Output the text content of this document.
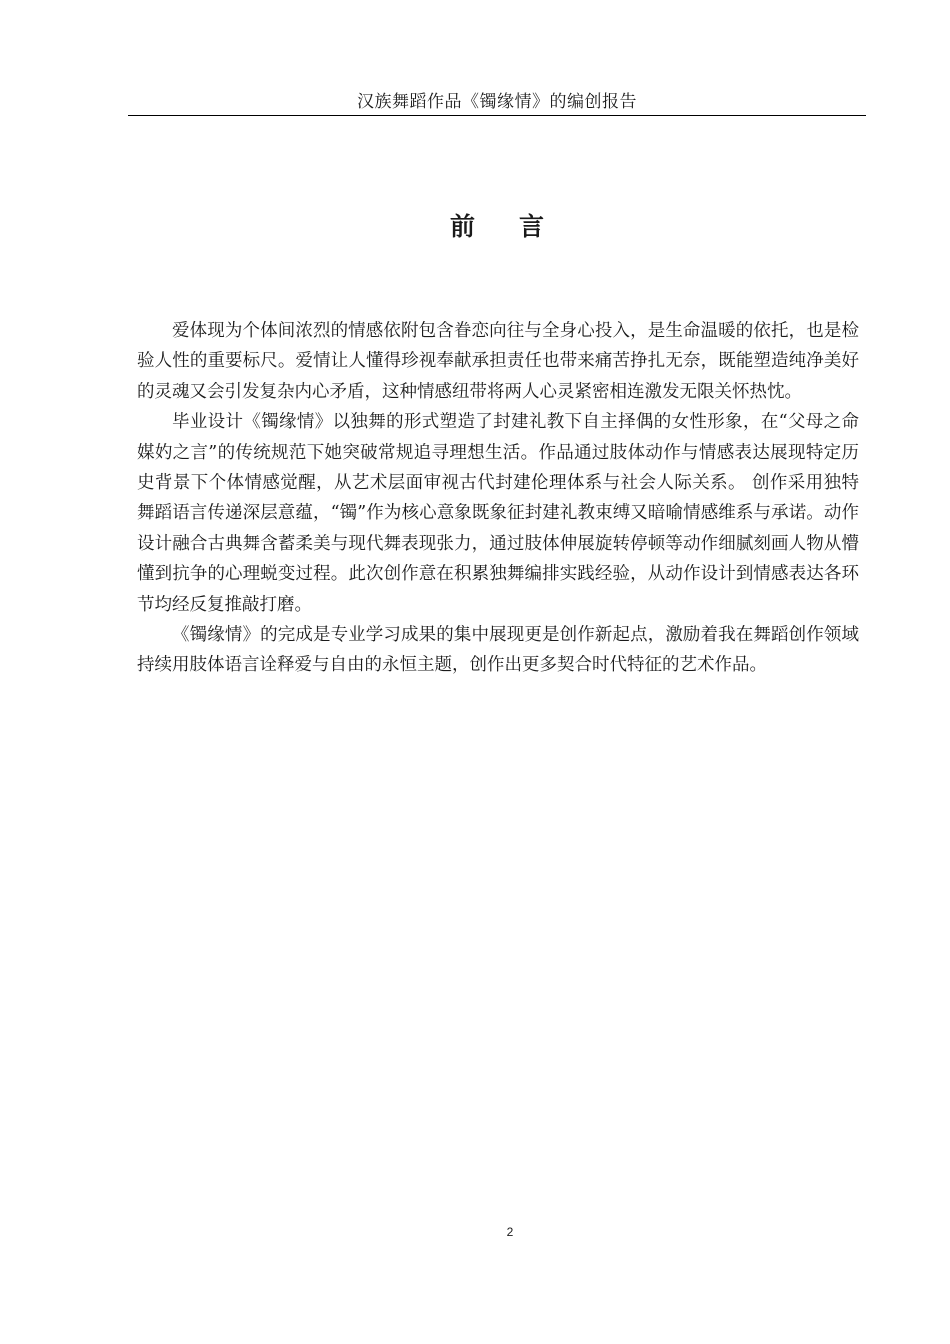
汉族舞蹈作品《镯缘情》的编创报告
前 言

爱体现为个体间浓烈的情感依附包含眷恋向往与全身心投入，是生命温暖的依托，也是检验人性的重要标尺。爱情让人懂得珍视奉献承担责任也带来痛苦挣扎无奈，既能塑造纯净美好的灵魂又会引发复杂内心矛盾，这种情感纽带将两人心灵紧密相连激发无限关怀热忱。

毕业设计《镯缘情》以独舞的形式塑造了封建礼教下自主择偶的女性形象，在“父母之命媒妁之言”的传统规范下她突破常规追寻理想生活。作品通过肢体动作与情感表达展现特定历史背景下个体情感觉醒，从艺术层面审视古代封建伦理体系与社会人际关系。 创作采用独特舞蹈语言传递深层意蕴，“镯”作为核心意象既象征封建礼教束缚又暗喻情感维系与承诺。动作设计融合古典舞含蓄柔美与现代舞表现张力，通过肢体伸展旋转停顿等动作细腻刻画人物从懵懂到抗争的心理蜕变过程。此次创作意在积累独舞编排实践经验，从动作设计到情感表达各环节均经反复推敲打磨。

《镯缘情》的完成是专业学习成果的集中展现更是创作新起点，激励着我在舞蹈创作领域持续用肢体语言诠释爱与自由的永恒主题，创作出更多契合时代特征的艺术作品。

2
